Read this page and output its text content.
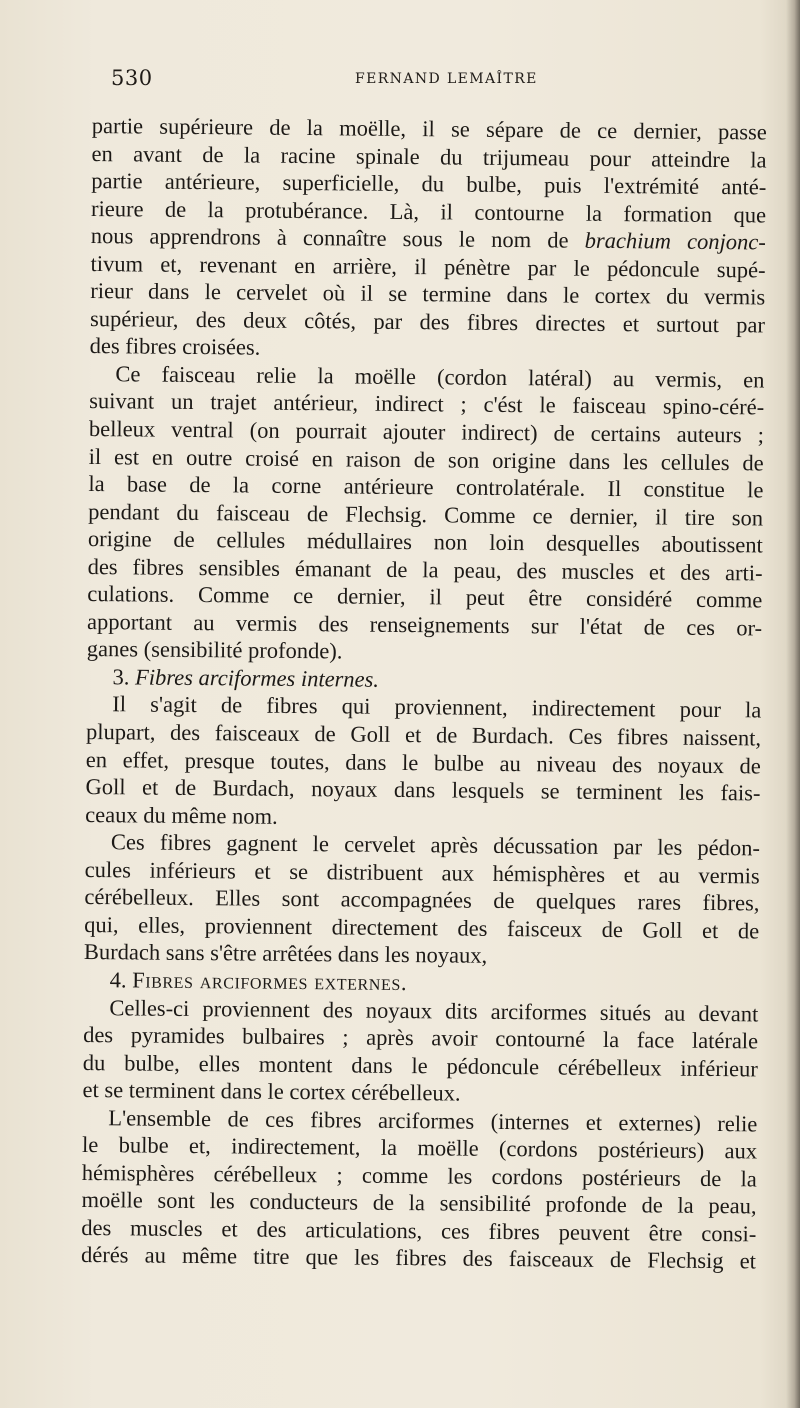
530	FERNAND LEMAÎTRE
partie supérieure de la moëlle, il se sépare de ce dernier, passe
en avant de la racine spinale du trijumeau pour atteindre la
partie antérieure, superficielle, du bulbe, puis l'extrémité anté-
rieure de la protubérance. Là, il contourne la formation que
nous apprendrons à connaître sous le nom de brachium conjonc-
tivum et, revenant en arrière, il pénètre par le pédoncule supé-
rieur dans le cervelet où il se termine dans le cortex du vermis
supérieur, des deux côtés, par des fibres directes et surtout par
des fibres croisées.
Ce faisceau relie la moëlle (cordon latéral) au vermis, en
suivant un trajet antérieur, indirect ; c'ést le faisceau spino-céré-
belleux ventral (on pourrait ajouter indirect) de certains auteurs ;
il est en outre croisé en raison de son origine dans les cellules de
la base de la corne antérieure controlatérale. Il constitue le
pendant du faisceau de Flechsig. Comme ce dernier, il tire son
origine de cellules médullaires non loin desquelles aboutissent
des fibres sensibles émanant de la peau, des muscles et des arti-
culations. Comme ce dernier, il peut être considéré comme
apportant au vermis des renseignements sur l'état de ces or-
ganes (sensibilité profonde).
3. Fibres arciformes internes.
Il s'agit de fibres qui proviennent, indirectement pour la
plupart, des faisceaux de Goll et de Burdach. Ces fibres naissent,
en effet, presque toutes, dans le bulbe au niveau des noyaux de
Goll et de Burdach, noyaux dans lesquels se terminent les fais-
ceaux du même nom.
Ces fibres gagnent le cervelet après décussation par les pédon-
cules inférieurs et se distribuent aux hémisphères et au vermis
cérébelleux. Elles sont accompagnées de quelques rares fibres,
qui, elles, proviennent directement des faisceux de Goll et de
Burdach sans s'être arrêtées dans les noyaux,
4. Fibres arciformes externes.
Celles-ci proviennent des noyaux dits arciformes situés au devant
des pyramides bulbaires ; après avoir contourné la face latérale
du bulbe, elles montent dans le pédoncule cérébelleux inférieur
et se terminent dans le cortex cérébelleux.
L'ensemble de ces fibres arciformes (internes et externes) relie
le bulbe et, indirectement, la moëlle (cordons postérieurs) aux
hémisphères cérébelleux ; comme les cordons postérieurs de la
moëlle sont les conducteurs de la sensibilité profonde de la peau,
des muscles et des articulations, ces fibres peuvent être consi-
dérés au même titre que les fibres des faisceaux de Flechsig et
